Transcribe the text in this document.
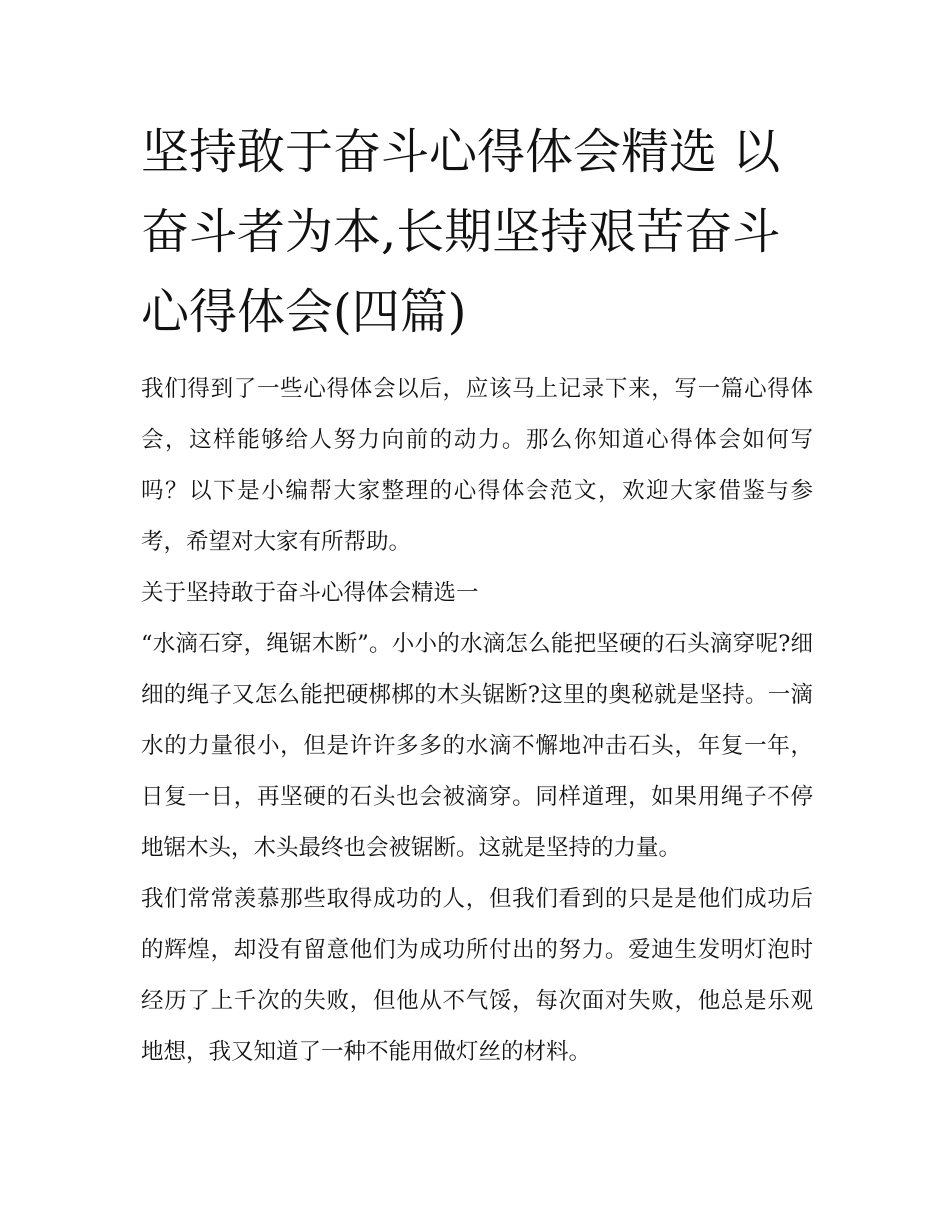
坚持敢于奋斗心得体会精选 以
奋斗者为本,长期坚持艰苦奋斗
心得体会(四篇)

我们得到了一些心得体会以后，应该马上记录下来，写一篇心得体会，这样能够给人努力向前的动力。那么你知道心得体会如何写吗？以下是小编帮大家整理的心得体会范文，欢迎大家借鉴与参考，希望对大家有所帮助。

关于坚持敢于奋斗心得体会精选一

“水滴石穿，绳锯木断”。小小的水滴怎么能把坚硬的石头滴穿呢?细细的绳子又怎么能把硬梆梆的木头锯断?这里的奥秘就是坚持。一滴水的力量很小，但是许许多多的水滴不懈地冲击石头，年复一年，日复一日，再坚硬的石头也会被滴穿。同样道理，如果用绳子不停地锯木头，木头最终也会被锯断。这就是坚持的力量。

我们常常羡慕那些取得成功的人，但我们看到的只是是他们成功后的辉煌，却没有留意他们为成功所付出的努力。爱迪生发明灯泡时经历了上千次的失败，但他从不气馁，每次面对失败，他总是乐观地想，我又知道了一种不能用做灯丝的材料。
